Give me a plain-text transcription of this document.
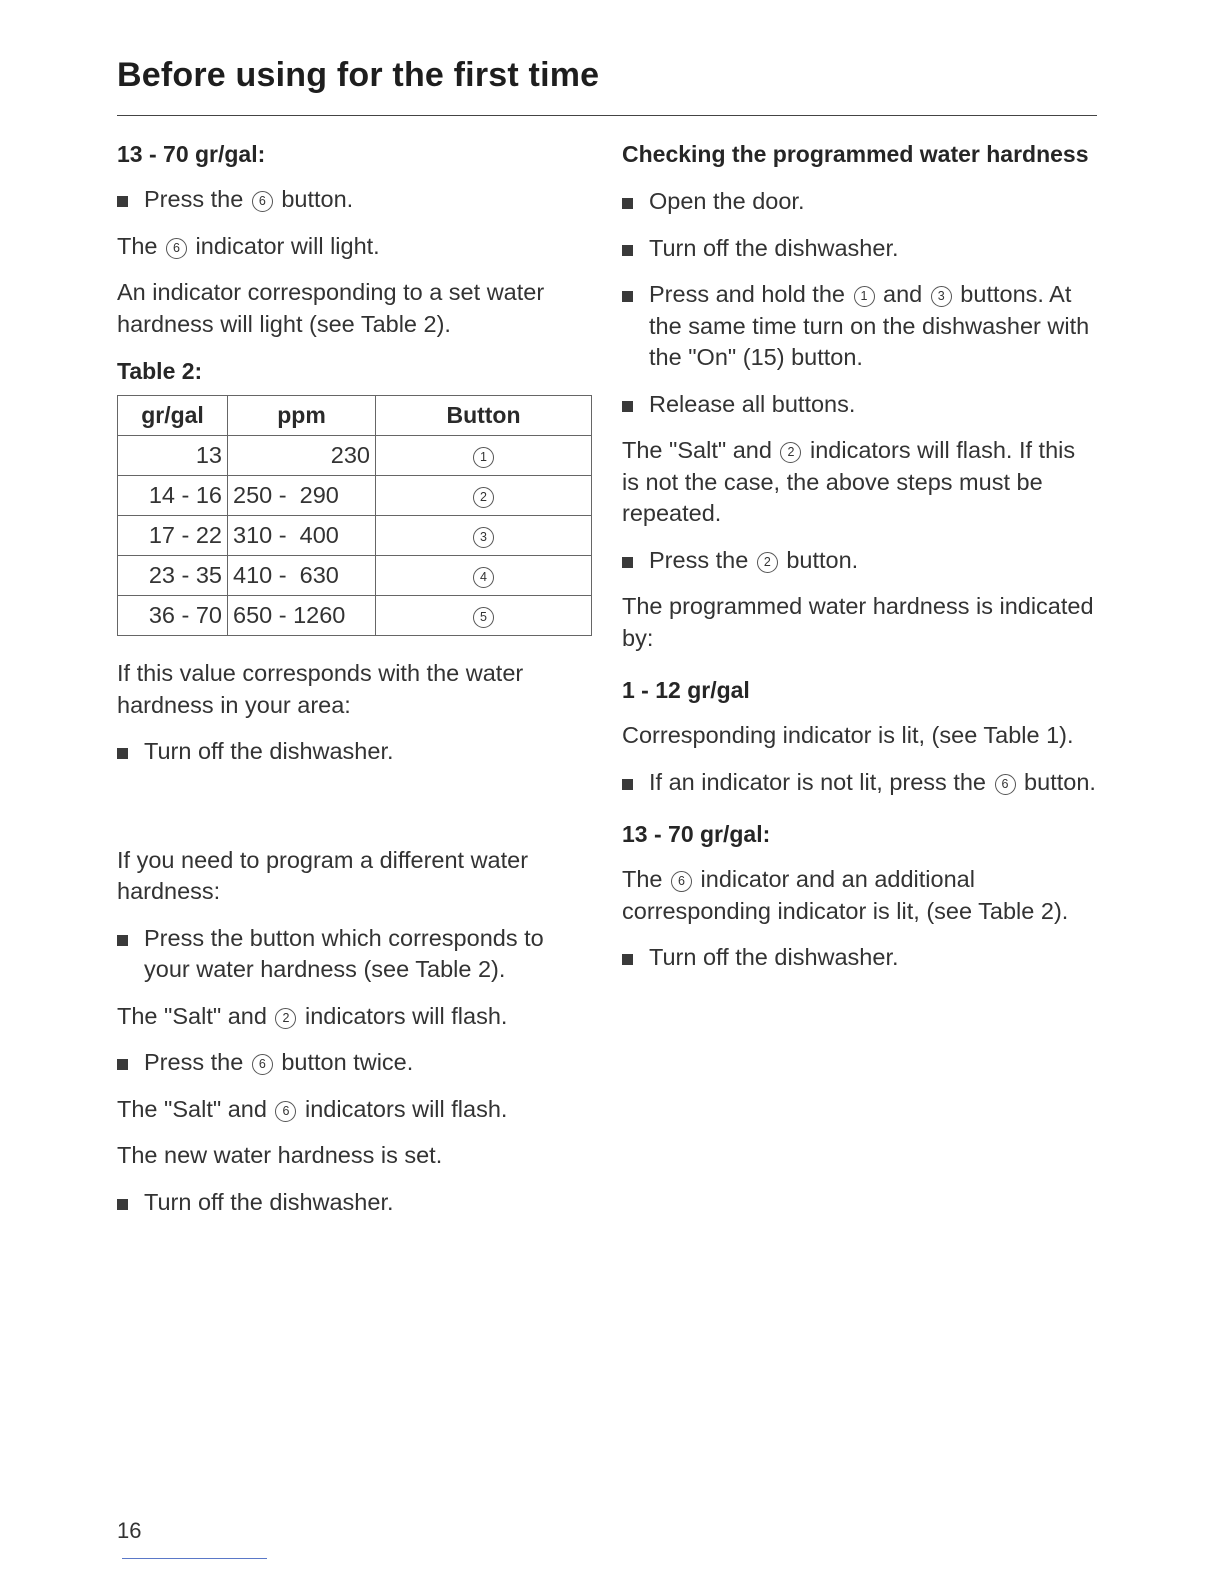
Before using for the first time
13 - 70 gr/gal:

Press the 6 button.

The 6 indicator will light.

An indicator corresponding to a set water hardness will light (see Table 2).

Table 2:
gr/gal	ppm	Button
13	230	1
14 - 16	250 -  290	2
17 - 22	310 -  400	3
23 - 35	410 -  630	4
36 - 70	650 - 1260	5

If this value corresponds with the water hardness in your area:

Turn off the dishwasher.

If you need to program a different water hardness:

Press the button which corresponds to your water hardness (see Table 2).

The "Salt" and 2 indicators will flash.

Press the 6 button twice.

The "Salt" and 6 indicators will flash.

The new water hardness is set.

Turn off the dishwasher.

Checking the programmed water hardness

Open the door.

Turn off the dishwasher.

Press and hold the 1 and 3 buttons. At the same time turn on the dishwasher with the "On" (15) button.

Release all buttons.

The "Salt" and 2 indicators will flash. If this is not the case, the above steps must be repeated.

Press the 2 button.

The programmed water hardness is indicated by:

1 - 12 gr/gal

Corresponding indicator is lit, (see Table 1).

If an indicator is not lit, press the 6 button.

13 - 70 gr/gal:

The 6 indicator and an additional corresponding indicator is lit, (see Table 2).

Turn off the dishwasher.

16
